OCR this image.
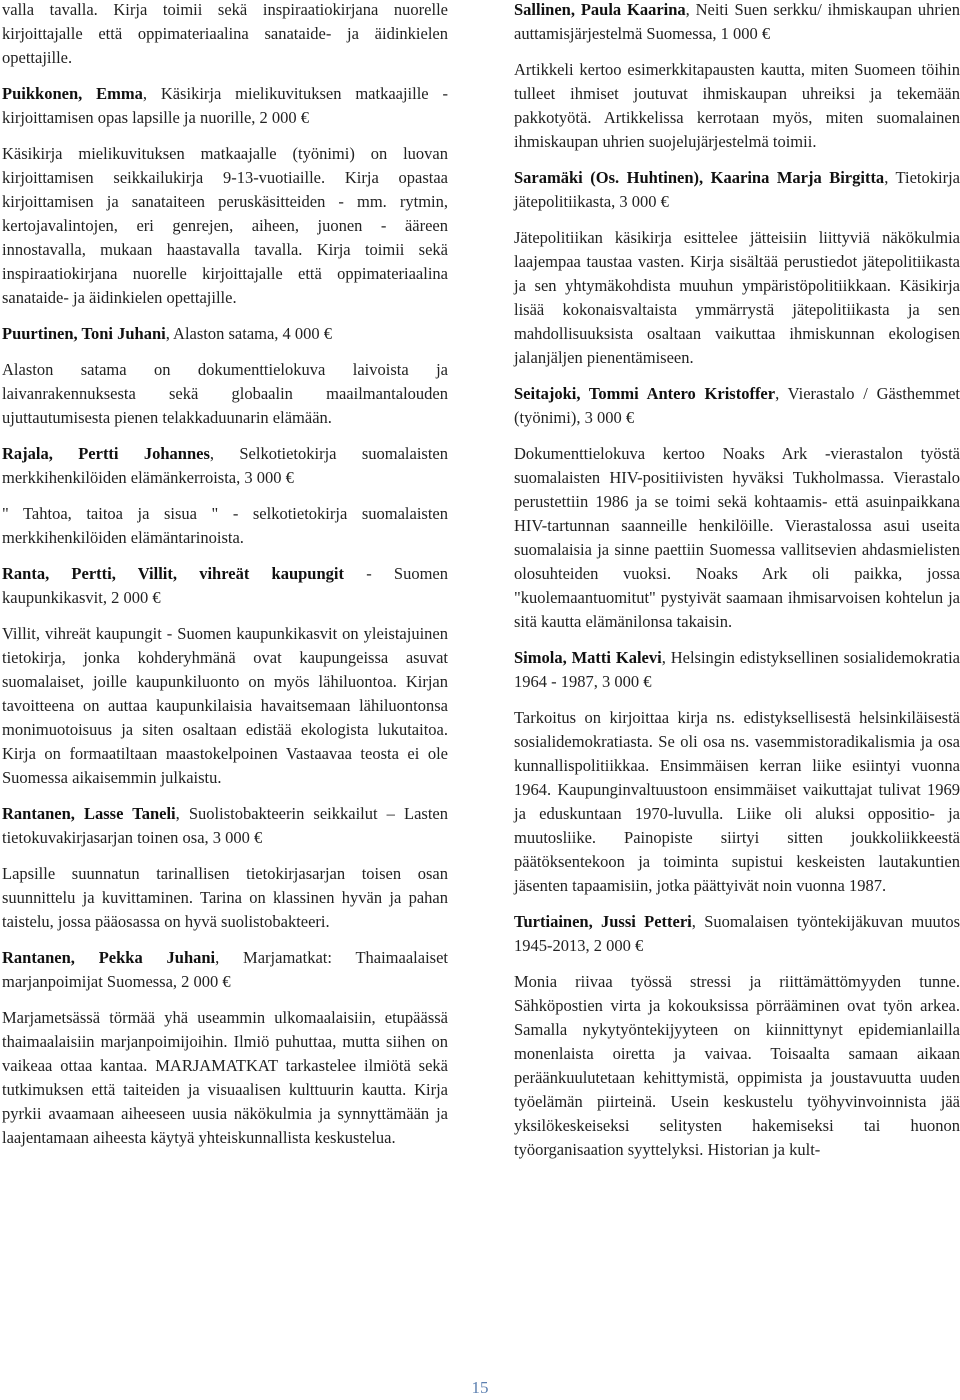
valla tavalla. Kirja toimii sekä inspiraatiokirjana nuorelle kirjoittajalle että oppimateriaalina sanataide- ja äidinkielen opettajille.

Puikkonen, Emma, Käsikirja mielikuvituksen matkaajille - kirjoittamisen opas lapsille ja nuorille, 2 000 €

Käsikirja mielikuvituksen matkaajalle (työnimi) on luovan kirjoittamisen seikkailukirja 9-13-vuotiaille. Kirja opastaa kirjoittamisen ja sanataiteen peruskäsitteiden - mm. rytmin, kertojavalintojen, eri genrejen, aiheen, juonen - ääreen innostavalla, mukaan haastavalla tavalla. Kirja toimii sekä inspiraatiokirjana nuorelle kirjoittajalle että oppimateriaalina sanataide- ja äidinkielen opettajille.

Puurtinen, Toni Juhani, Alaston satama, 4 000 €

Alaston satama on dokumenttielokuva laivoista ja laivanrakennuksesta sekä globaalin maailmantalouden ujuttautumisesta pienen telakkaduunarin elämään.

Rajala, Pertti Johannes, Selkotietokirja suomalaisten merkkihenkilöiden elämänkerroista, 3 000 €

" Tahtoa, taitoa ja sisua " - selkotietokirja suomalaisten merkkihenkilöiden elämäntarinoista.

Ranta, Pertti, Villit, vihreät kaupungit - Suomen kaupunkikasvit, 2 000 €

Villit, vihreät kaupungit - Suomen kaupunkikasvit on yleistajuinen tietokirja, jonka kohderyhmänä ovat kaupungeissa asuvat suomalaiset, joille kaupunkiluonto on myös lähiluontoa. Kirjan tavoitteena on auttaa kaupunkilaisia havaitsemaan lähiluontonsa monimuotoisuus ja siten osaltaan edistää ekologista lukutaitoa. Kirja on formaatiltaan maastokelpoinen Vastaavaa teosta ei ole Suomessa aikaisemmin julkaistu.

Rantanen, Lasse Taneli, Suolistobakteerin seikkailut – Lasten tietokuvakirjasarjan toinen osa, 3 000 €

Lapsille suunnatun tarinallisen tietokirjasarjan toisen osan suunnittelu ja kuvittaminen. Tarina on klassinen hyvän ja pahan taistelu, jossa pääosassa on hyvä suolistobakteeri.

Rantanen, Pekka Juhani, Marjamatkat: Thaimaalaiset marjanpoimijat Suomessa, 2 000 €

Marjametsässä törmää yhä useammin ulkomaalaisiin, etupäässä thaimaalaisiin marjanpoimijoihin. Ilmiö puhuttaa, mutta siihen on vaikeaa ottaa kantaa. MARJAMATKAT tarkastelee ilmiötä sekä tutkimuksen että taiteiden ja visuaalisen kulttuurin kautta. Kirja pyrkii avaamaan aiheeseen uusia näkökulmia ja synnyttämään ja laajentamaan aiheesta käytyä yhteiskunnallista keskustelua.

Sallinen, Paula Kaarina, Neiti Suen serkku/ ihmiskaupan uhrien auttamisjärjestelmä Suomessa, 1 000 €

Artikkeli kertoo esimerkkitapausten kautta, miten Suomeen töihin tulleet ihmiset joutuvat ihmiskaupan uhreiksi ja tekemään pakkotyötä. Artikkelissa kerrotaan myös, miten suomalainen ihmiskaupan uhrien suojelujärjestelmä toimii.

Saramäki (Os. Huhtinen), Kaarina Marja Birgitta, Tietokirja jätepolitiikasta, 3 000 €

Jätepolitiikan käsikirja esittelee jätteisiin liittyviä näkökulmia laajempaa taustaa vasten. Kirja sisältää perustiedot jätepolitiikasta ja sen yhtymäkohdista muuhun ympäristöpolitiikkaan. Käsikirja lisää kokonaisvaltaista ymmärrystä jätepolitiikasta ja sen mahdollisuuksista osaltaan vaikuttaa ihmiskunnan ekologisen jalanjäljen pienentämiseen.

Seitajoki, Tommi Antero Kristoffer, Vierastalo / Gästhemmet (työnimi), 3 000 €

Dokumenttielokuva kertoo Noaks Ark -vierastalon työstä suomalaisten HIV-positiivisten hyväksi Tukholmassa. Vierastalo perustettiin 1986 ja se toimi sekä kohtaamis- että asuinpaikkana HIV-tartunnan saanneille henkilöille. Vierastalossa asui useita suomalaisia ja sinne paettiin Suomessa vallitsevien ahdasmielisten olosuhteiden vuoksi. Noaks Ark oli paikka, jossa "kuolemaantuomitut" pystyivät saamaan ihmisarvoisen kohtelun ja sitä kautta elämänilonsa takaisin.

Simola, Matti Kalevi, Helsingin edistyksellinen sosialidemokratia 1964 - 1987, 3 000 €

Tarkoitus on kirjoittaa kirja ns. edistyksellisestä helsinkiläisestä sosialidemokratiasta. Se oli osa ns. vasemmistoradikalismia ja osa kunnallispolitiikkaa. Ensimmäisen kerran liike esiintyi vuonna 1964. Kaupunginvaltuustoon ensimmäiset vaikuttajat tulivat 1969 ja eduskuntaan 1970-luvulla. Liike oli aluksi oppositio- ja muutosliike. Painopiste siirtyi sitten joukkoliikkeestä päätöksentekoon ja toiminta supistui keskeisten lautakuntien jäsenten tapaamisiin, jotka päättyivät noin vuonna 1987.

Turtiainen, Jussi Petteri, Suomalaisen työntekijäkuvan muutos 1945-2013, 2 000 €

Monia riivaa työssä stressi ja riittämättömyyden tunne. Sähköpostien virta ja kokouksissa pörrääminen ovat työn arkea. Samalla nykytyöntekijyyteen on kiinnittynyt epidemianlailla monenlaista oiretta ja vaivaa. Toisaalta samaan aikaan peräänkuulutetaan kehittymistä, oppimista ja joustavuutta uuden työelämän piirteinä. Usein keskustelu työhyvinvoinnista jää yksilökeskeiseksi selitysten hakemiseksi tai huonon työorganisaation syyttelyksi. Historian ja kult-

15
